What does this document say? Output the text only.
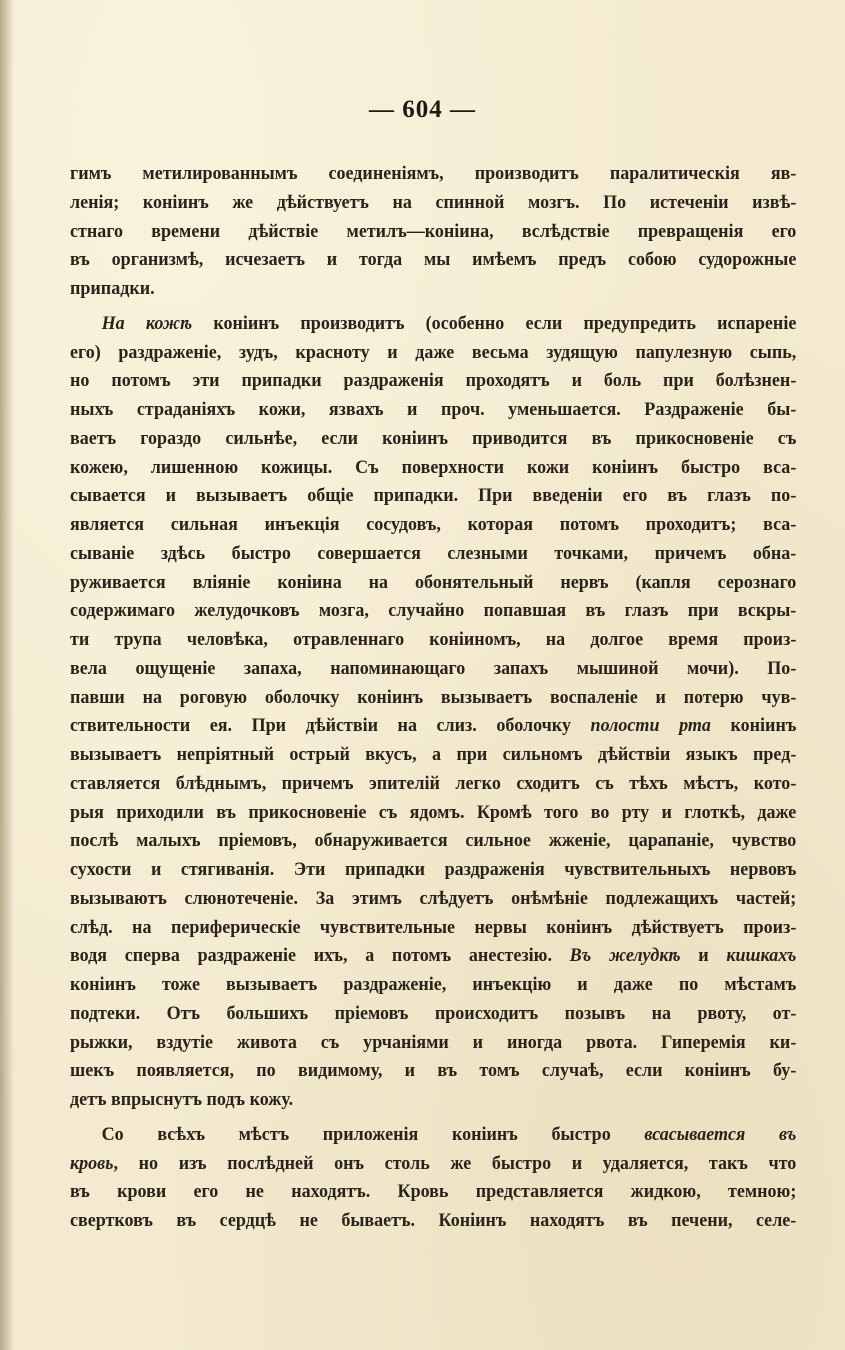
— 604 —
гимъ метилированнымъ соединеніямъ, производитъ паралитическія яв-
ленія; конiинъ же дѣйствуетъ на спинной мозгъ. По истеченiи извѣ-
стнаго времени дѣйствіе метилъ—конiина, вслѣдствіе превращенія его
въ организмѣ, исчезаетъ и тогда мы имѣемъ предъ собою судорожные
припадки.
На кожѣ конiинъ производитъ (особенно если предупредить испареніе
его) раздраженіе, зудъ, красноту и даже весьма зудящую папулезную сыпь,
но потомъ эти припадки раздраженія проходятъ и боль при болѣзнен-
ныхъ страданіяхъ кожи, язвахъ и проч. уменьшается. Раздраженіе бы-
ваетъ гораздо сильнѣе, если конiинъ приводится въ прикосновеніе съ
кожею, лишенною кожицы. Съ поверхности кожи конiинъ быстро вса-
сывается и вызываетъ общіе припадки. При введеніи его въ глазъ по-
является сильная инъекція сосудовъ, которая потомъ проходитъ; вса-
сываніе здѣсь быстро совершается слезными точками, причемъ обна-
руживается вліяніе конiина на обонятельный нервъ (капля серознаго
содержимаго желудочковъ мозга, случайно попавшая въ глазъ при вскры-
ти трупа человѣка, отравленнаго конiиномъ, на долгое время произ-
вела ощущеніе запаха, напоминающаго запахъ мышиной мочи). По-
павши на роговую оболочку конiинъ вызываетъ воспаленіе и потерю чув-
ствительности ея. При дѣйствіи на слиз. оболочку полости рта конiинъ
вызываетъ непріятный острый вкусъ, а при сильномъ дѣйствіи языкъ пред-
ставляется блѣднымъ, причемъ эпителій легко сходитъ съ тѣхъ мѣстъ, кото-
рыя приходили въ прикосновеніе съ ядомъ. Кромѣ того во рту и глоткѣ, даже
послѣ малыхъ пріемовъ, обнаруживается сильное жженіе, царапаніе, чувство
сухости и стягиванія. Эти припадки раздраженія чувствительныхъ нервовъ
вызываютъ слюнотеченіе. За этимъ слѣдуетъ онѣмѣніе подлежащихъ частей;
слѣд. на периферическіе чувствительные нервы конiинъ дѣйствуетъ произ-
водя сперва раздраженіе ихъ, а потомъ анестезію. Въ желудкѣ и кишкахъ
конiинъ тоже вызываетъ раздраженіе, инъекцію и даже по мѣстамъ
подтеки. Отъ большихъ пріемовъ происходитъ позывъ на рвоту, от-
рыжки, вздутіе живота съ урчаніями и иногда рвота. Гиперемія ки-
шекъ появляется, по видимому, и въ томъ случаѣ, если конiинъ бу-
детъ впрыснутъ подъ кожу.
Со всѣхъ мѣстъ приложенія конiинъ быстро всасывается въ
кровь, но изъ послѣдней онъ столь же быстро и удаляется, такъ что
въ крови его не находятъ. Кровь представляется жидкою, темною;
свертковъ въ сердцѣ не бываетъ. Конiинъ находятъ въ печени, селе-
